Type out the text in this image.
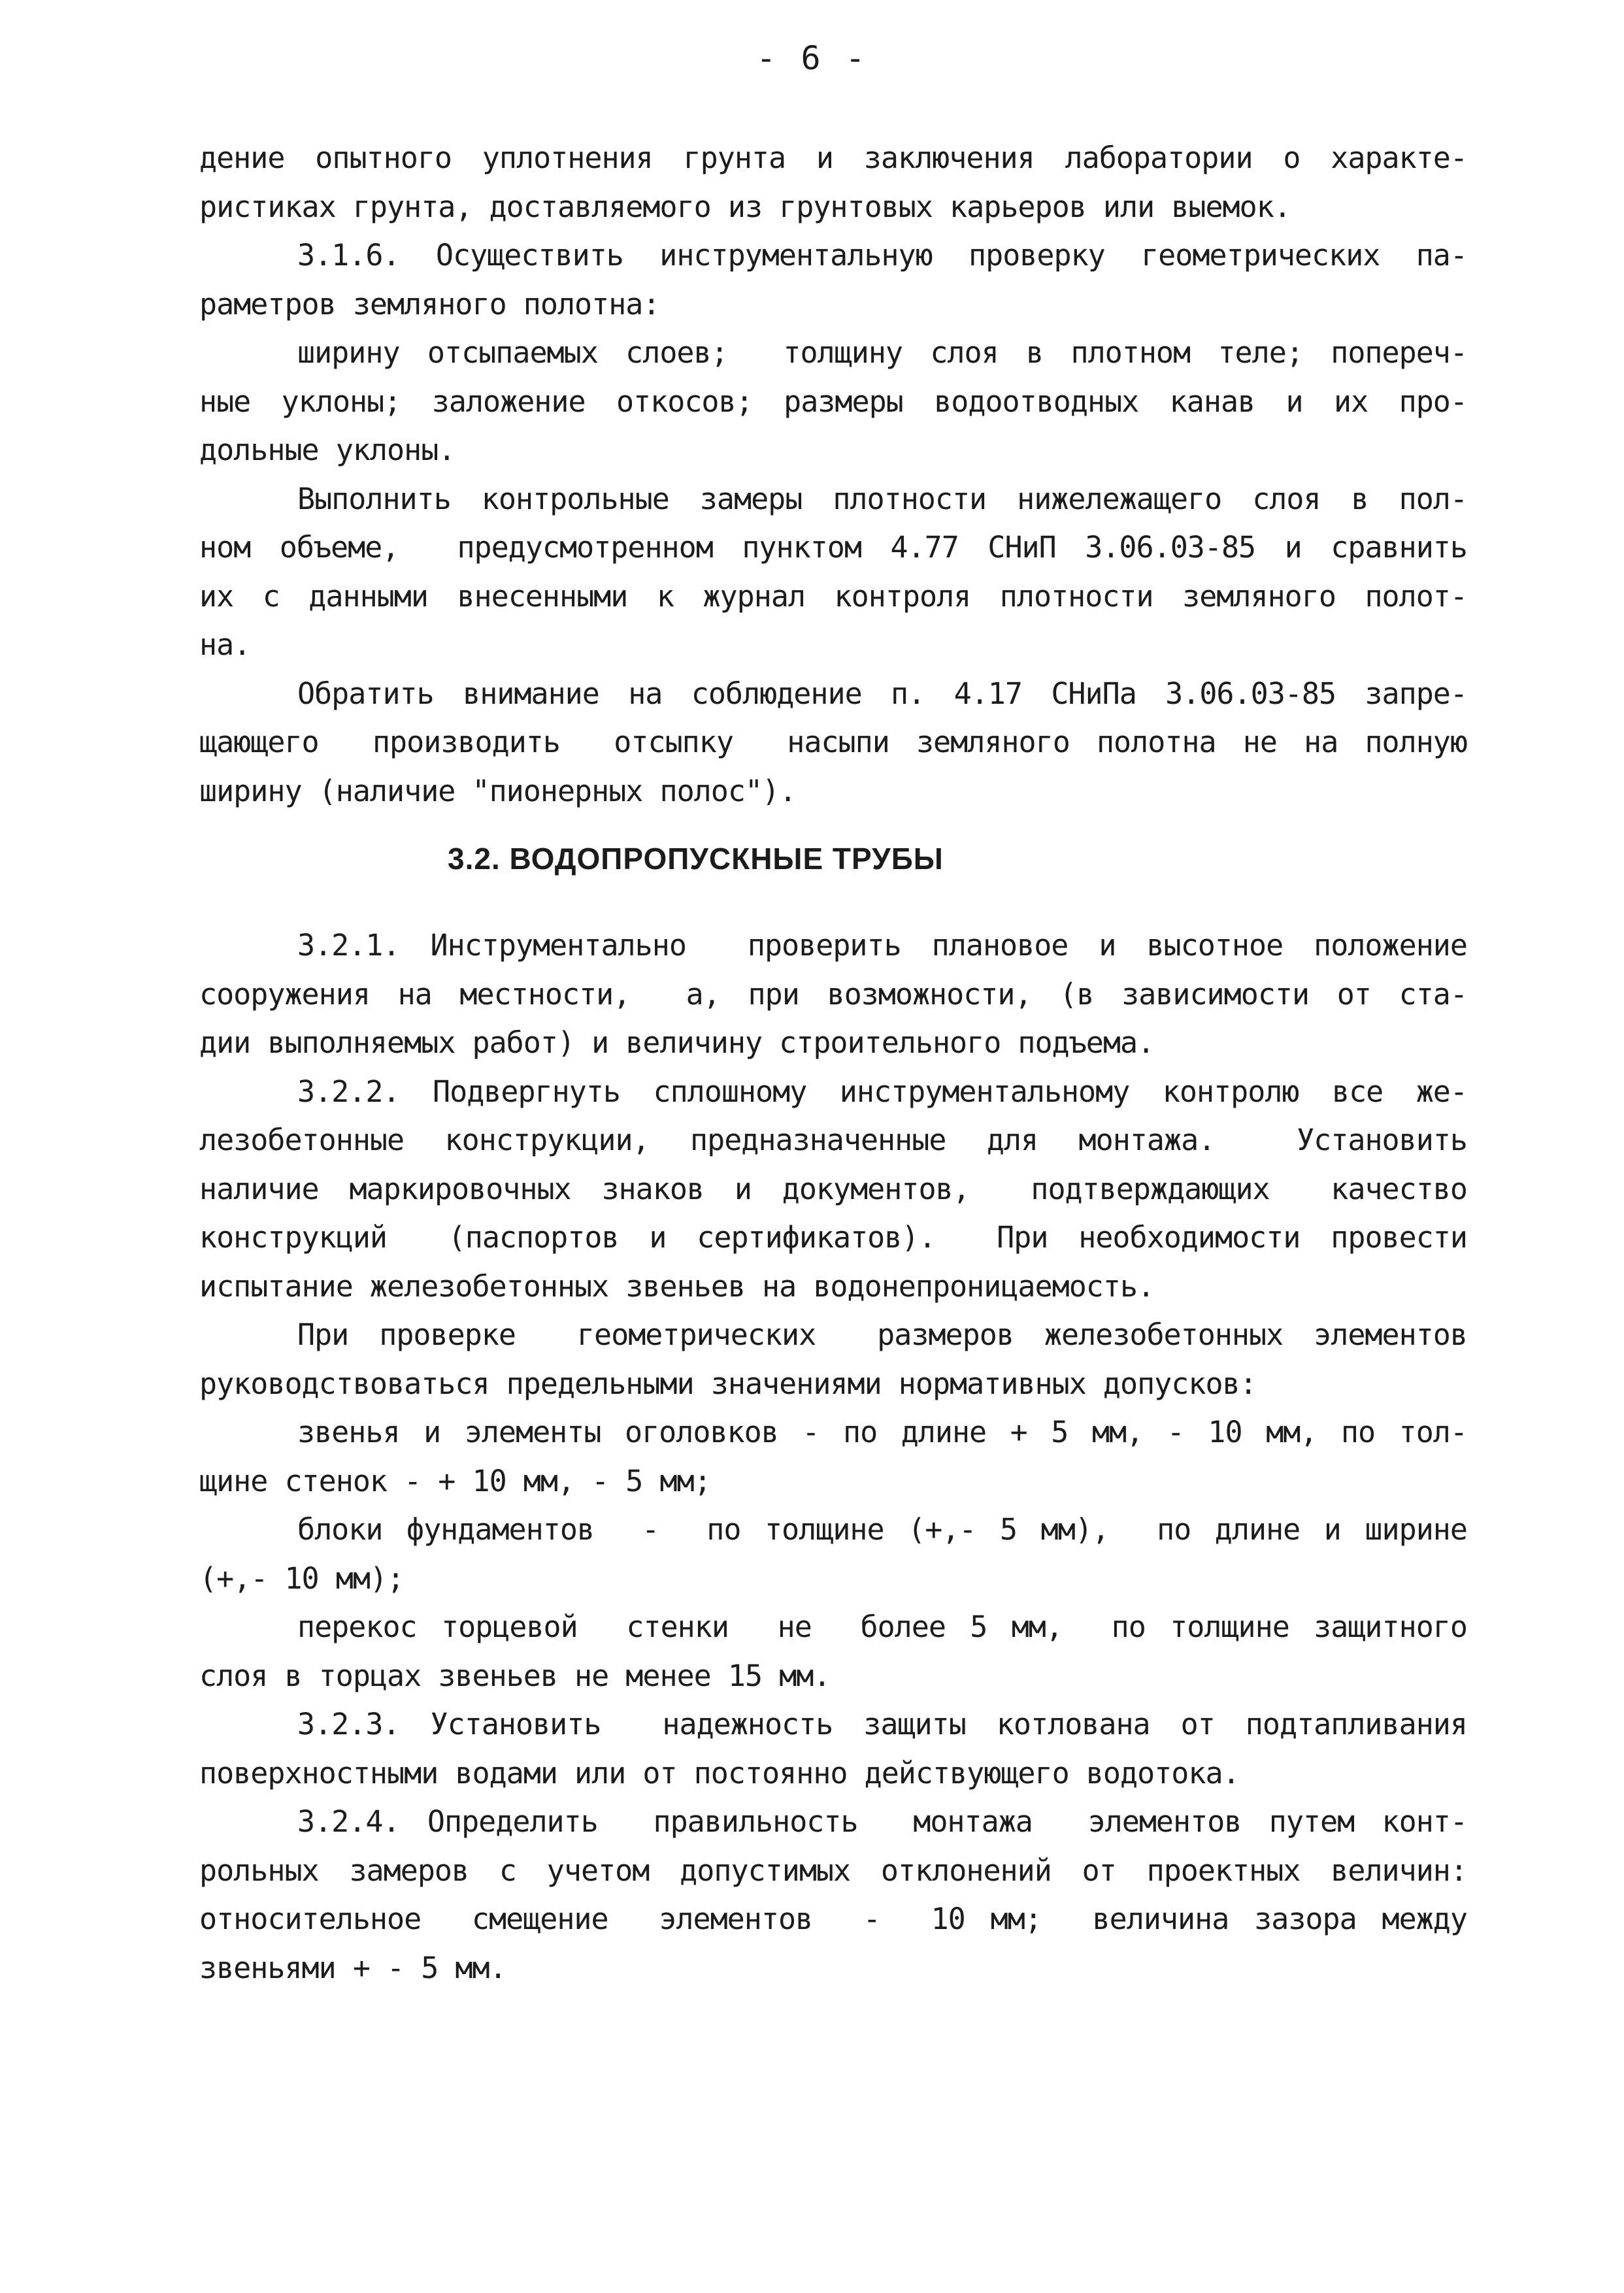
- 6 -
дение опытного уплотнения грунта и заключения лаборатории о характе-
ристиках грунта, доставляемого из грунтовых карьеров или выемок.
3.1.6. Осуществить инструментальную проверку геометрических па-
раметров земляного полотна:
ширину отсыпаемых слоев;  толщину слоя в плотном теле; попереч-
ные уклоны; заложение откосов; размеры водоотводных канав и их про-
дольные уклоны.
Выполнить контрольные замеры плотности нижележащего слоя в пол-
ном объеме,  предусмотренном пунктом 4.77 СНиП 3.06.03-85 и сравнить
их с данными внесенными к журнал контроля плотности земляного полот-
на.
Обратить внимание на соблюдение п. 4.17 СНиПа 3.06.03-85 запре-
щающего  производить  отсыпку  насыпи земляного полотна не на полную
ширину (наличие "пионерных полос").
3.2. ВОДОПРОПУСКНЫЕ ТРУБЫ
3.2.1. Инструментально  проверить плановое и высотное положение
сооружения на местности,  а, при возможности, (в зависимости от ста-
дии выполняемых работ) и величину строительного подъема.
3.2.2. Подвергнуть сплошному инструментальному контролю все же-
лезобетонные конструкции, предназначенные для монтажа.  Установить
наличие маркировочных знаков и документов,  подтверждающих  качество
конструкций  (паспортов и сертификатов).  При необходимости провести
испытание железобетонных звеньев на водонепроницаемость.
При проверке  геометрических  размеров железобетонных элементов
руководствоваться предельными значениями нормативных допусков:
звенья и элементы оголовков - по длине + 5 мм, - 10 мм, по тол-
щине стенок - + 10 мм, - 5 мм;
блоки фундаментов  -  по толщине (+,- 5 мм),  по длине и ширине
(+,- 10 мм);
перекос торцевой  стенки  не  более 5 мм,  по толщине защитного
слоя в торцах звеньев не менее 15 мм.
3.2.3. Установить  надежность защиты котлована от подтапливания
поверхностными водами или от постоянно действующего водотока.
3.2.4. Определить  правильность  монтажа  элементов путем конт-
рольных замеров с учетом допустимых отклонений от проектных величин:
относительное  смещение  элементов  -  10 мм;  величина зазора между
звеньями + - 5 мм.
